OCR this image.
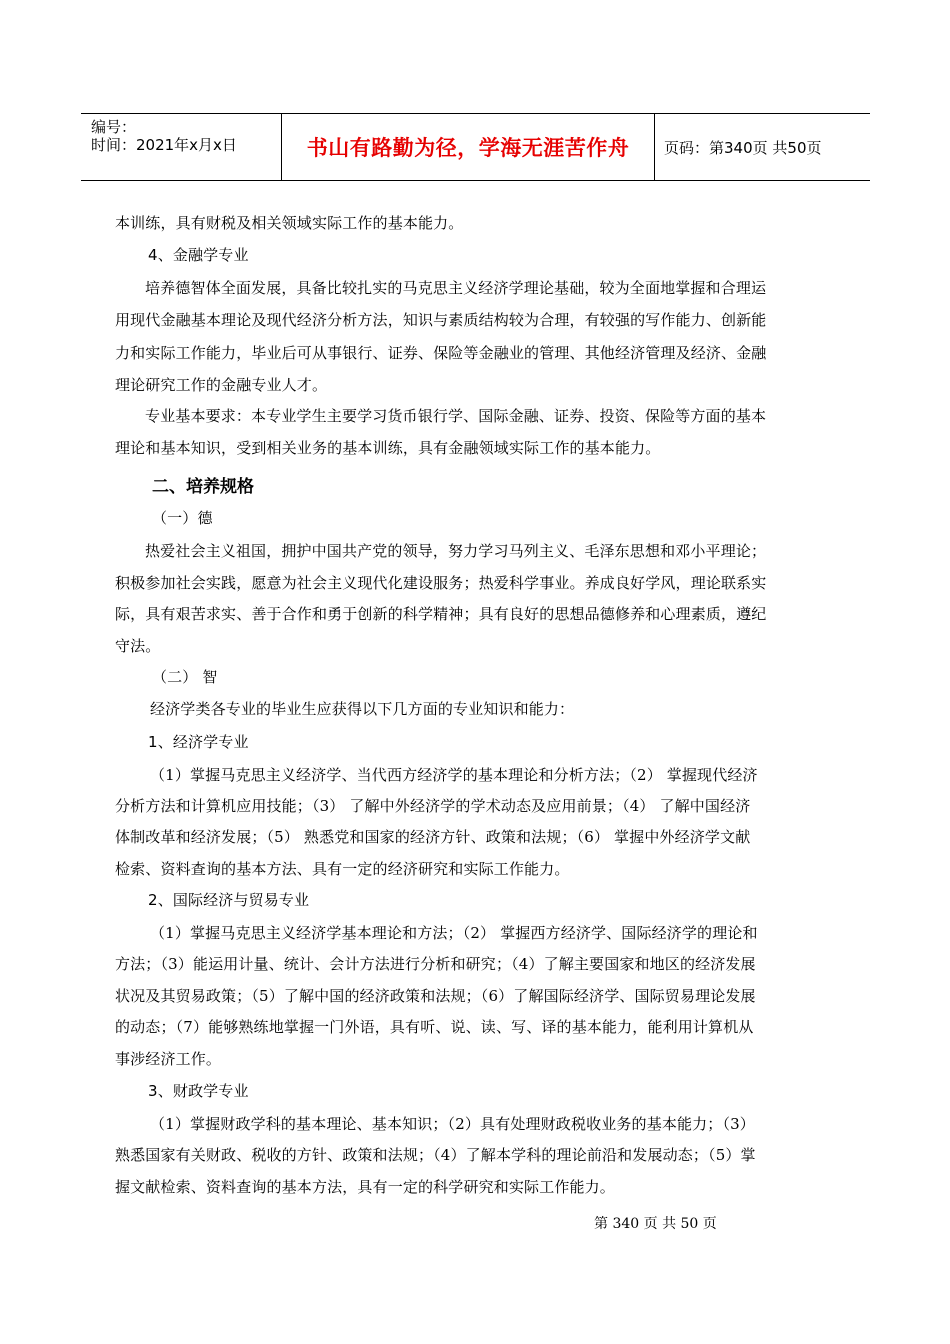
编号：
时间：2021年x月x日	书山有路勤为径，学海无涯苦作舟 页码：第340页 共50页
本训练，具有财税及相关领域实际工作的基本能力。
4、金融学专业
培养德智体全面发展，具备比较扎实的马克思主义经济学理论基础，较为全面地掌握和合理运
用现代金融基本理论及现代经济分析方法，知识与素质结构较为合理，有较强的写作能力、创新能
力和实际工作能力，毕业后可从事银行、证券、保险等金融业的管理、其他经济管理及经济、金融
理论研究工作的金融专业人才。
专业基本要求：本专业学生主要学习货币银行学、国际金融、证券、投资、保险等方面的基本
理论和基本知识，受到相关业务的基本训练，具有金融领域实际工作的基本能力。
二、培养规格
（一）德
热爱社会主义祖国，拥护中国共产党的领导，努力学习马列主义、毛泽东思想和邓小平理论；
积极参加社会实践，愿意为社会主义现代化建设服务；热爱科学事业。养成良好学风，理论联系实
际，具有艰苦求实、善于合作和勇于创新的科学精神；具有良好的思想品德修养和心理素质，遵纪
守法。
（二） 智
经济学类各专业的毕业生应获得以下几方面的专业知识和能力：
1、经济学专业
（1）掌握马克思主义经济学、当代西方经济学的基本理论和分析方法；（2） 掌握现代经济
分析方法和计算机应用技能；（3） 了解中外经济学的学术动态及应用前景；（4） 了解中国经济
体制改革和经济发展；（5） 熟悉党和国家的经济方针、政策和法规；（6） 掌握中外经济学文献
检索、资料查询的基本方法、具有一定的经济研究和实际工作能力。
2、国际经济与贸易专业
（1）掌握马克思主义经济学基本理论和方法；（2） 掌握西方经济学、国际经济学的理论和
方法；（3）能运用计量、统计、会计方法进行分析和研究；（4）了解主要国家和地区的经济发展
状况及其贸易政策；（5）了解中国的经济政策和法规；（6）了解国际经济学、国际贸易理论发展
的动态；（7）能够熟练地掌握一门外语，具有听、说、读、写、译的基本能力，能利用计算机从
事涉经济工作。
3、财政学专业
（1）掌握财政学科的基本理论、基本知识；（2）具有处理财政税收业务的基本能力；（3）
熟悉国家有关财政、税收的方针、政策和法规；（4）了解本学科的理论前沿和发展动态；（5）掌
握文献检索、资料查询的基本方法，具有一定的科学研究和实际工作能力。
第 340 页 共 50 页
